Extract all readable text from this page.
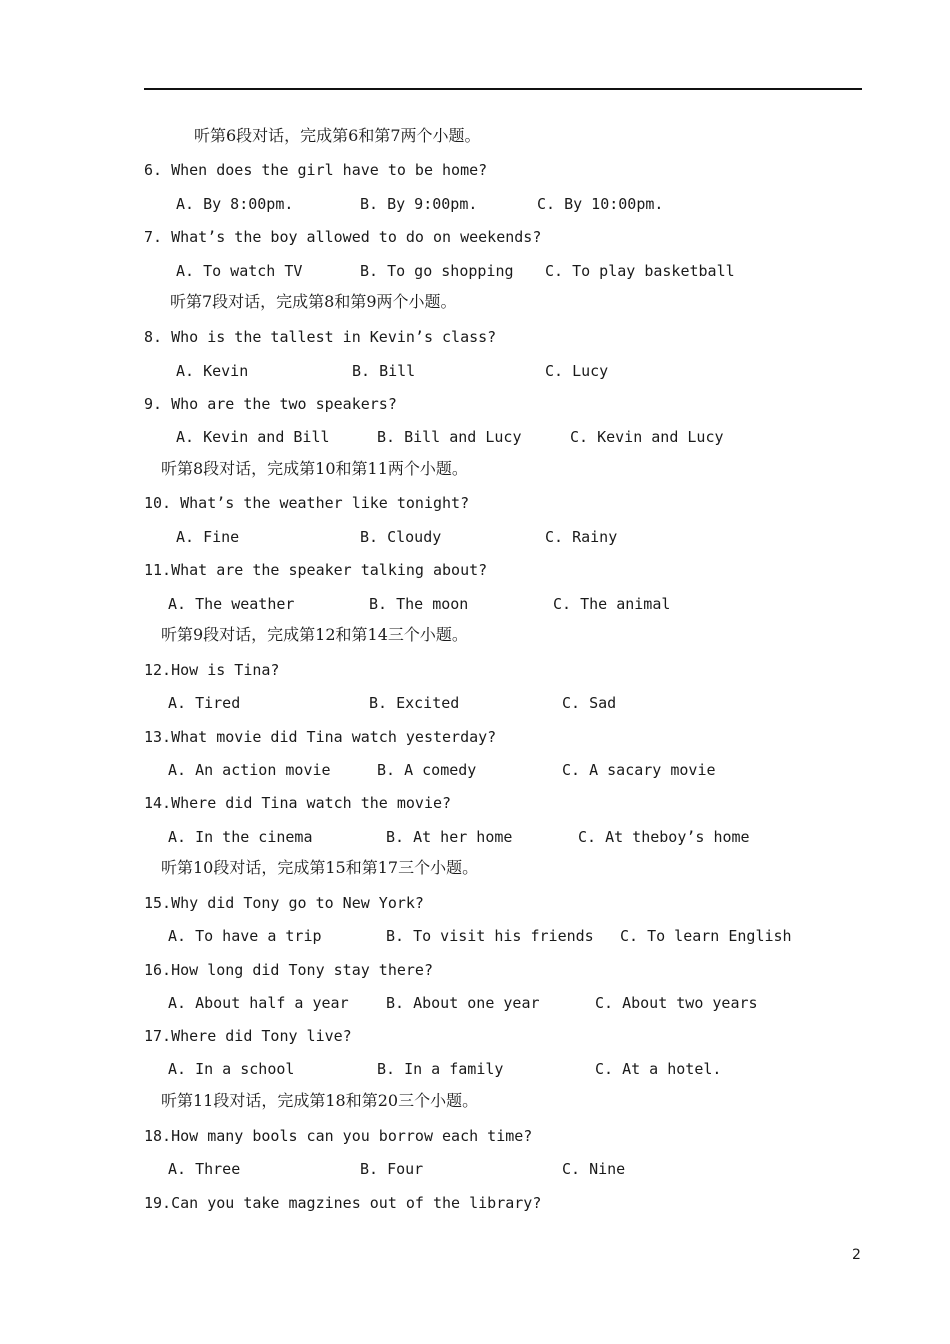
听第6段对话，完成第6和第7两个小题。
6. When does the girl have to be home?
A. By 8:00pm.	B. By 9:00pm.	C. By 10:00pm.
7. What’s the boy allowed to do on weekends?
A. To watch TV	B. To go shopping C. To play basketball
听第7段对话，完成第8和第9两个小题。
8. Who is the tallest in Kevin’s class?
A. Kevin	B. Bill	C. Lucy
9. Who are the two speakers?
A. Kevin and Bill	B. Bill and Lucy	C. Kevin and Lucy
听第8段对话，完成第10和第11两个小题。
10. What’s the weather like tonight?
A. Fine	B. Cloudy	C. Rainy
11.What are the speaker talking about?
A. The weather	B. The moon	C. The animal
听第9段对话，完成第12和第14三个小题。
12.How is Tina?
A. Tired	B. Excited	C. Sad
13.What movie did Tina watch yesterday?
A. An action movie	B. A comedy	C. A sacary movie
14.Where did Tina watch the movie?
A. In the cinema	B. At her home	C. At theboy’s home
听第10段对话，完成第15和第17三个小题。
15.Why did Tony go to New York?
A. To have a trip	B. To visit his friends C. To learn English
16.How long did Tony stay there?
A. About half a year B. About one year	C. About two years
17.Where did Tony live?
A. In a school	B. In a family	C. At a hotel.
听第11段对话，完成第18和第20三个小题。
18.How many bools can you borrow each time?
A. Three	B. Four	C. Nine
19.Can you take magzines out of the library?
2
